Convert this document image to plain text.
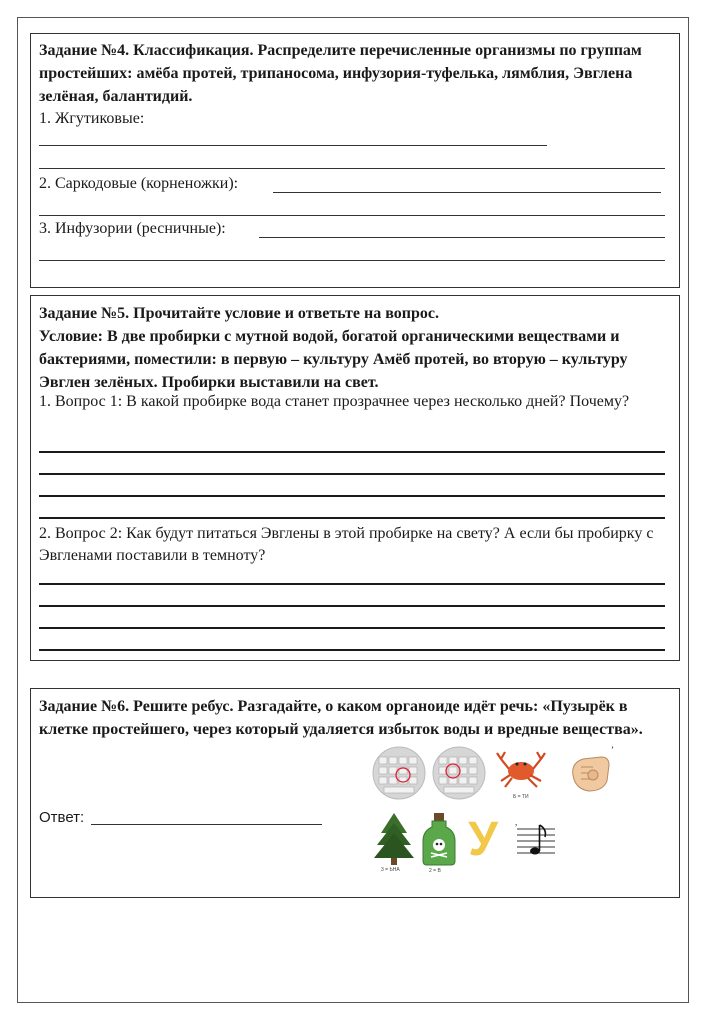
Задание №4. Классификация. Распределите перечисленные организмы по группам простейших: амёба протей, трипаносома, инфузория-туфелька, лямблия, Эвглена зелёная, балантидий.
1. Жгутиковые:
2. Саркодовые (корненожки):
3. Инфузории (ресничные):
Задание №5. Прочитайте условие и ответьте на вопрос.
Условие: В две пробирки с мутной водой, богатой органическими веществами и бактериями, поместили: в первую – культуру Амёб протей, во вторую – культуру Эвглен зелёных. Пробирки выставили на свет.
1. Вопрос 1: В какой пробирке вода станет прозрачнее через несколько дней? Почему?
2. Вопрос 2: Как будут питаться Эвглены в этой пробирке на свету? А если бы пробирку с Эвгленами поставили в темноту?
Задание №6. Решите ребус. Разгадайте, о каком органоиде идёт речь: «Пузырёк в клетке простейшего, через который удаляется избыток воды и вредные вещества».
Ответ:
Б = ТИ
’
3 = ЬНА	2 = В
У	,
